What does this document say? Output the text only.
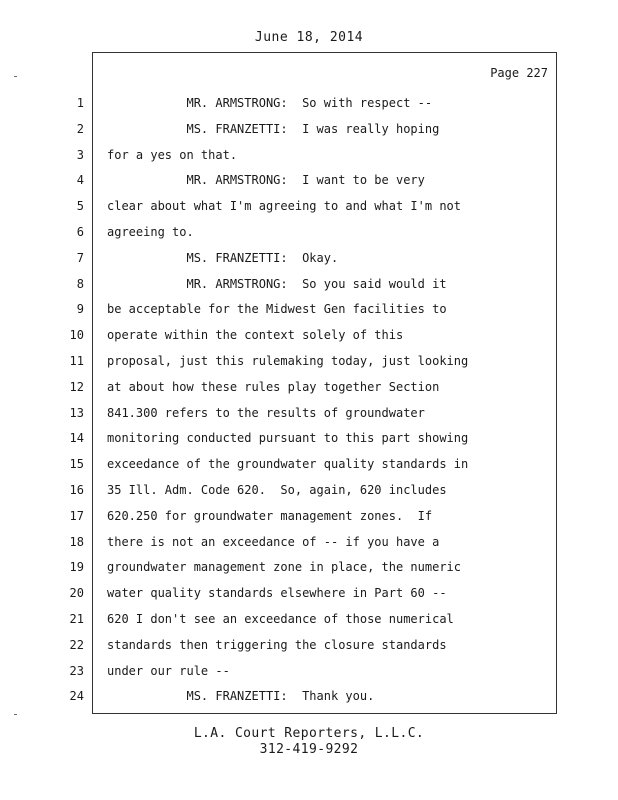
June 18, 2014
Page 227
1 MR. ARMSTRONG:  So with respect --
2 MS. FRANZETTI:  I was really hoping
3 for a yes on that.
4 MR. ARMSTRONG:  I want to be very
5 clear about what I'm agreeing to and what I'm not
6 agreeing to.
7 MS. FRANZETTI:  Okay.
8 MR. ARMSTRONG:  So you said would it
9 be acceptable for the Midwest Gen facilities to
10 operate within the context solely of this
11 proposal, just this rulemaking today, just looking
12 at about how these rules play together Section
13 841.300 refers to the results of groundwater
14 monitoring conducted pursuant to this part showing
15 exceedance of the groundwater quality standards in
16 35 Ill. Adm. Code 620.  So, again, 620 includes
17 620.250 for groundwater management zones.  If
18 there is not an exceedance of -- if you have a
19 groundwater management zone in place, the numeric
20 water quality standards elsewhere in Part 60 --
21 620 I don't see an exceedance of those numerical
22 standards then triggering the closure standards
23 under our rule --
24 MS. FRANZETTI:  Thank you.
L.A. Court Reporters, L.L.C.
312-419-9292
